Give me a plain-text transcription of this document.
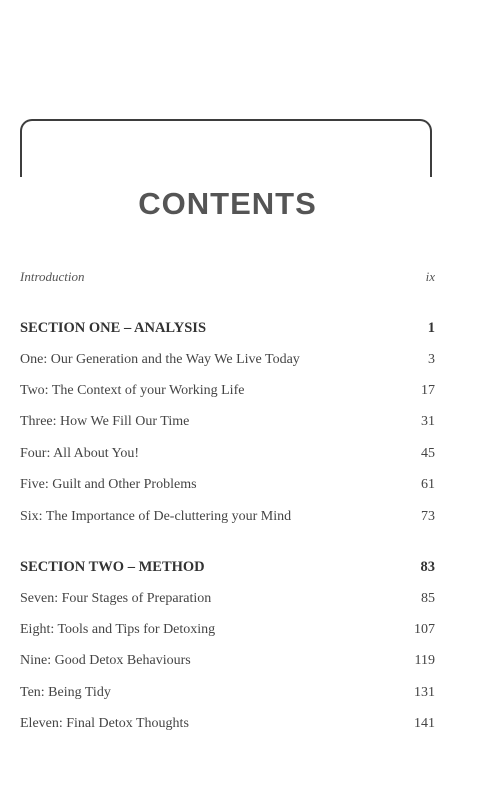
CONTENTS
Introduction	ix
SECTION ONE – ANALYSIS	1
One: Our Generation and the Way We Live Today	3
Two: The Context of your Working Life	17
Three: How We Fill Our Time	31
Four: All About You!	45
Five: Guilt and Other Problems	61
Six: The Importance of De-cluttering your Mind	73
SECTION TWO – METHOD	83
Seven: Four Stages of Preparation	85
Eight: Tools and Tips for Detoxing	107
Nine: Good Detox Behaviours	119
Ten: Being Tidy	131
Eleven: Final Detox Thoughts	141
